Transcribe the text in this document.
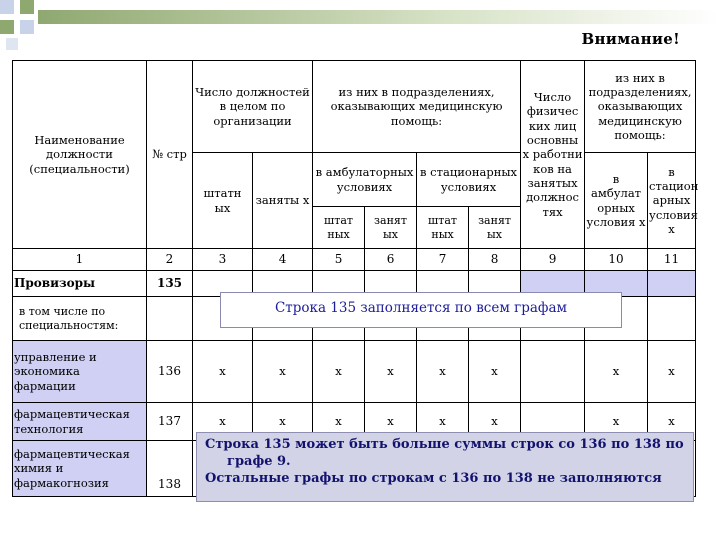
Внимание!
Наименование должности (специальности)	№ стр	Число должностей в целом по организации		из них в подразделениях, оказывающих медицинскую помощь:				Число физичес ких лиц основны х работни ков на занятых должнос тях	из них в подразделениях, оказывающих медицинскую помощь:	
		штатн ых	заняты х	в амбулаторных условиях		в стационарных условиях			в амбулат орных условия х	в стацион арных условия х
				штат ных	занят ых	штат ных	занят ых			

1	2	3	4	5	6	7	8	9	10	11
Провизоры	135									
в том числе по специальностям:										
управление и экономика фармации	136	х	х	х	х	х	х		х	х
фармацевтическая технология	137	х	х	х	х	х	х		х	х
фармацевтическая химия и фармакогнозия	138									
Строка 135 заполняется по всем графам
Строка 135 может быть больше суммы строк со 136 по 138 по
графе 9.
Остальные графы по строкам с 136 по 138 не заполняются
